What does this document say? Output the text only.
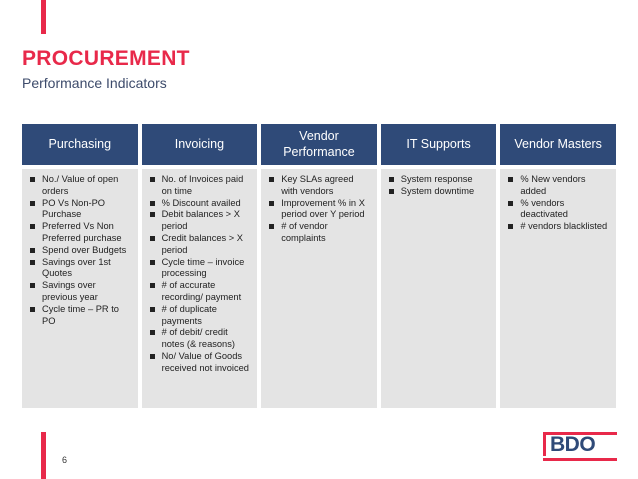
PROCUREMENT
Performance Indicators
Purchasing
No./ Value of open orders
PO Vs Non-PO Purchase
Preferred Vs Non Preferred purchase
Spend over Budgets
Savings over 1st Quotes
Savings over previous year
Cycle time – PR to PO
Invoicing
No. of Invoices paid on time
% Discount availed
Debit balances > X period
Credit balances > X period
Cycle time – invoice processing
# of accurate recording/ payment
# of duplicate payments
# of debit/ credit notes (& reasons)
No/ Value of Goods received not invoiced
Vendor Performance
Key SLAs agreed with vendors
Improvement % in X period over Y period
# of vendor complaints
IT Supports
System response
System downtime
Vendor Masters
% New vendors added
% vendors deactivated
# vendors blacklisted
6
BDO
